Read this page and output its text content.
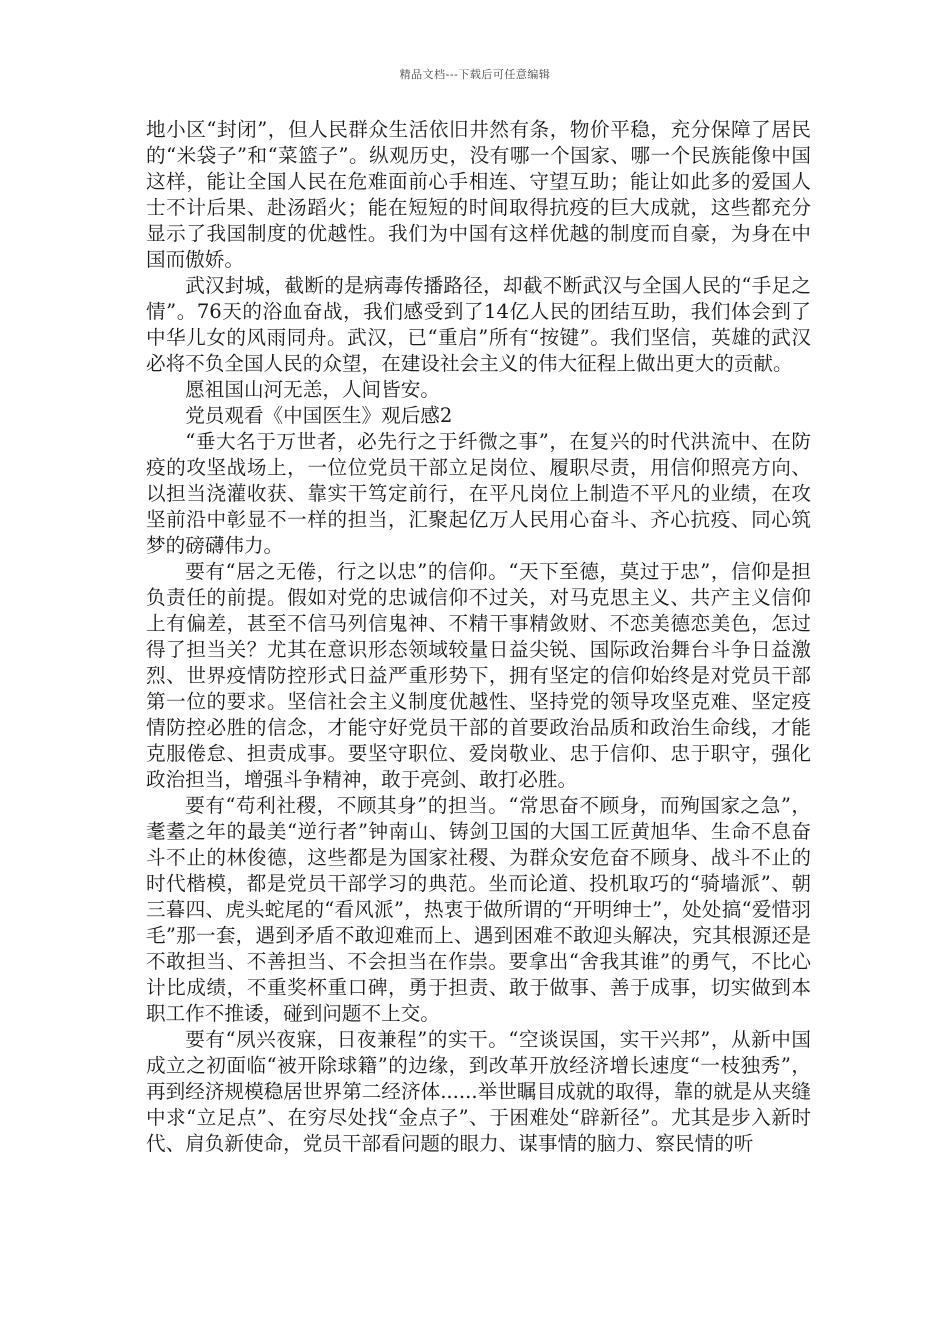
精品文档---下载后可任意编辑

地小区“封闭”，但人民群众生活依旧井然有条，物价平稳，充分保障了居民的“米袋子”和“菜篮子”。纵观历史，没有哪一个国家、哪一个民族能像中国这样，能让全国人民在危难面前心手相连、守望互助；能让如此多的爱国人士不计后果、赴汤蹈火；能在短短的时间取得抗疫的巨大成就，这些都充分显示了我国制度的优越性。我们为中国有这样优越的制度而自豪，为身在中国而傲娇。

武汉封城，截断的是病毒传播路径，却截不断武汉与全国人民的“手足之情”。76天的浴血奋战，我们感受到了14亿人民的团结互助，我们体会到了中华儿女的风雨同舟。武汉，已“重启”所有“按键”。我们坚信，英雄的武汉必将不负全国人民的众望，在建设社会主义的伟大征程上做出更大的贡献。

愿祖国山河无恙，人间皆安。

党员观看《中国医生》观后感2

“垂大名于万世者，必先行之于纤微之事”，在复兴的时代洪流中、在防疫的攻坚战场上，一位位党员干部立足岗位、履职尽责，用信仰照亮方向、以担当浇灌收获、靠实干笃定前行，在平凡岗位上制造不平凡的业绩，在攻坚前沿中彰显不一样的担当，汇聚起亿万人民用心奋斗、齐心抗疫、同心筑梦的磅礴伟力。

要有“居之无倦，行之以忠”的信仰。“天下至德，莫过于忠”，信仰是担负责任的前提。假如对党的忠诚信仰不过关，对马克思主义、共产主义信仰上有偏差，甚至不信马列信鬼神、不精干事精敛财、不恋美德恋美色，怎过得了担当关？尤其在意识形态领域较量日益尖锐、国际政治舞台斗争日益激烈、世界疫情防控形式日益严重形势下，拥有坚定的信仰始终是对党员干部第一位的要求。坚信社会主义制度优越性、坚持党的领导攻坚克难、坚定疫情防控必胜的信念，才能守好党员干部的首要政治品质和政治生命线，才能克服倦怠、担责成事。要坚守职位、爱岗敬业、忠于信仰、忠于职守，强化政治担当，增强斗争精神，敢于亮剑、敢打必胜。

要有“苟利社稷，不顾其身”的担当。“常思奋不顾身，而殉国家之急”，耄耋之年的最美“逆行者”钟南山、铸剑卫国的大国工匠黄旭华、生命不息奋斗不止的林俊德，这些都是为国家社稷、为群众安危奋不顾身、战斗不止的时代楷模，都是党员干部学习的典范。坐而论道、投机取巧的“骑墙派”、朝三暮四、虎头蛇尾的“看风派”，热衷于做所谓的“开明绅士”，处处搞“爱惜羽毛”那一套，遇到矛盾不敢迎难而上、遇到困难不敢迎头解决，究其根源还是不敢担当、不善担当、不会担当在作祟。要拿出“舍我其谁”的勇气，不比心计比成绩，不重奖杯重口碑，勇于担责、敢于做事、善于成事，切实做到本职工作不推诿，碰到问题不上交。

要有“夙兴夜寐，日夜兼程”的实干。“空谈误国，实干兴邦”，从新中国成立之初面临“被开除球籍”的边缘，到改革开放经济增长速度“一枝独秀”，再到经济规模稳居世界第二经济体......举世瞩目成就的取得，靠的就是从夹缝中求“立足点”、在穷尽处找“金点子”、于困难处“辟新径”。尤其是步入新时代、肩负新使命，党员干部看问题的眼力、谋事情的脑力、察民情的听
